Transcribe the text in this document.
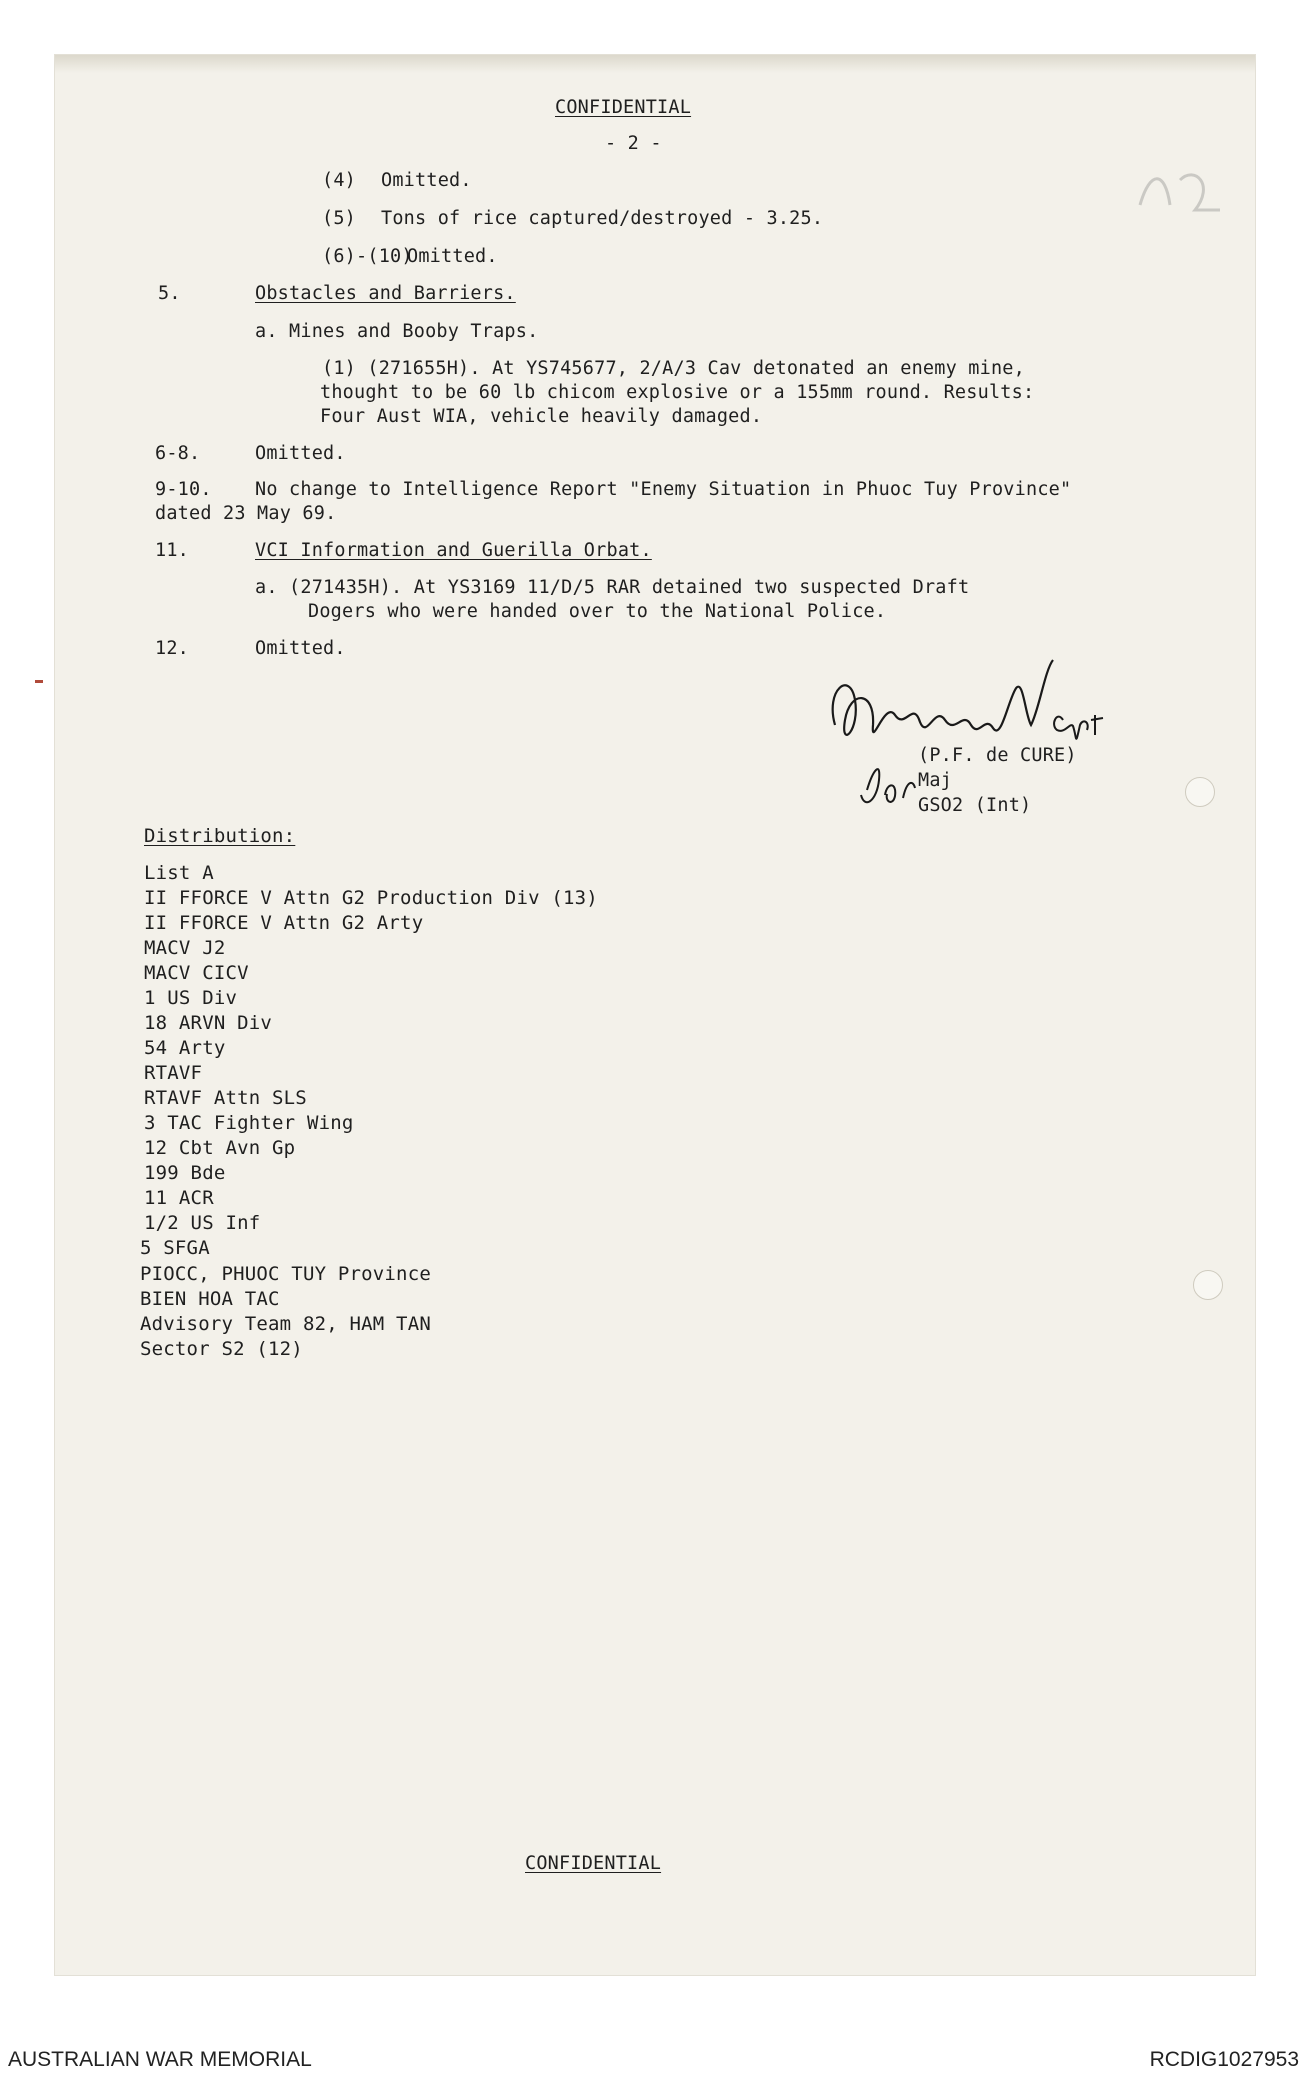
CONFIDENTIAL
- 2 -
(4) Omitted.
(5) Tons of rice captured/destroyed - 3.25.
(6)-(10)
Omitted.
5.	Obstacles and Barriers.
a. Mines and Booby Traps.
(1) (271655H). At YS745677, 2/A/3 Cav detonated an enemy mine,
thought to be 60 lb chicom explosive or a 155mm round. Results:
Four Aust WIA, vehicle heavily damaged.
6-8.	Omitted.
9-10. No change to Intelligence Report "Enemy Situation in Phuoc Tuy Province"
dated 23 May 69.
11.	VCI Information and Guerilla Orbat.
a. (271435H). At YS3169 11/D/5 RAR detained two suspected Draft
Dogers who were handed over to the National Police.
12.	Omitted.
(P.F. de CURE)
Maj
GSO2 (Int)
Distribution:
List A
II FFORCE V Attn G2 Production Div (13)
II FFORCE V Attn G2 Arty
MACV J2
MACV CICV
1 US Div
18 ARVN Div
54 Arty
RTAVF
RTAVF Attn SLS
3 TAC Fighter Wing
12 Cbt Avn Gp
199 Bde
11 ACR
1/2 US Inf
5 SFGA
PIOCC, PHUOC TUY Province
BIEN HOA TAC
Advisory Team 82, HAM TAN
Sector S2 (12)
CONFIDENTIAL
AUSTRALIAN WAR MEMORIAL	RCDIG1027953
